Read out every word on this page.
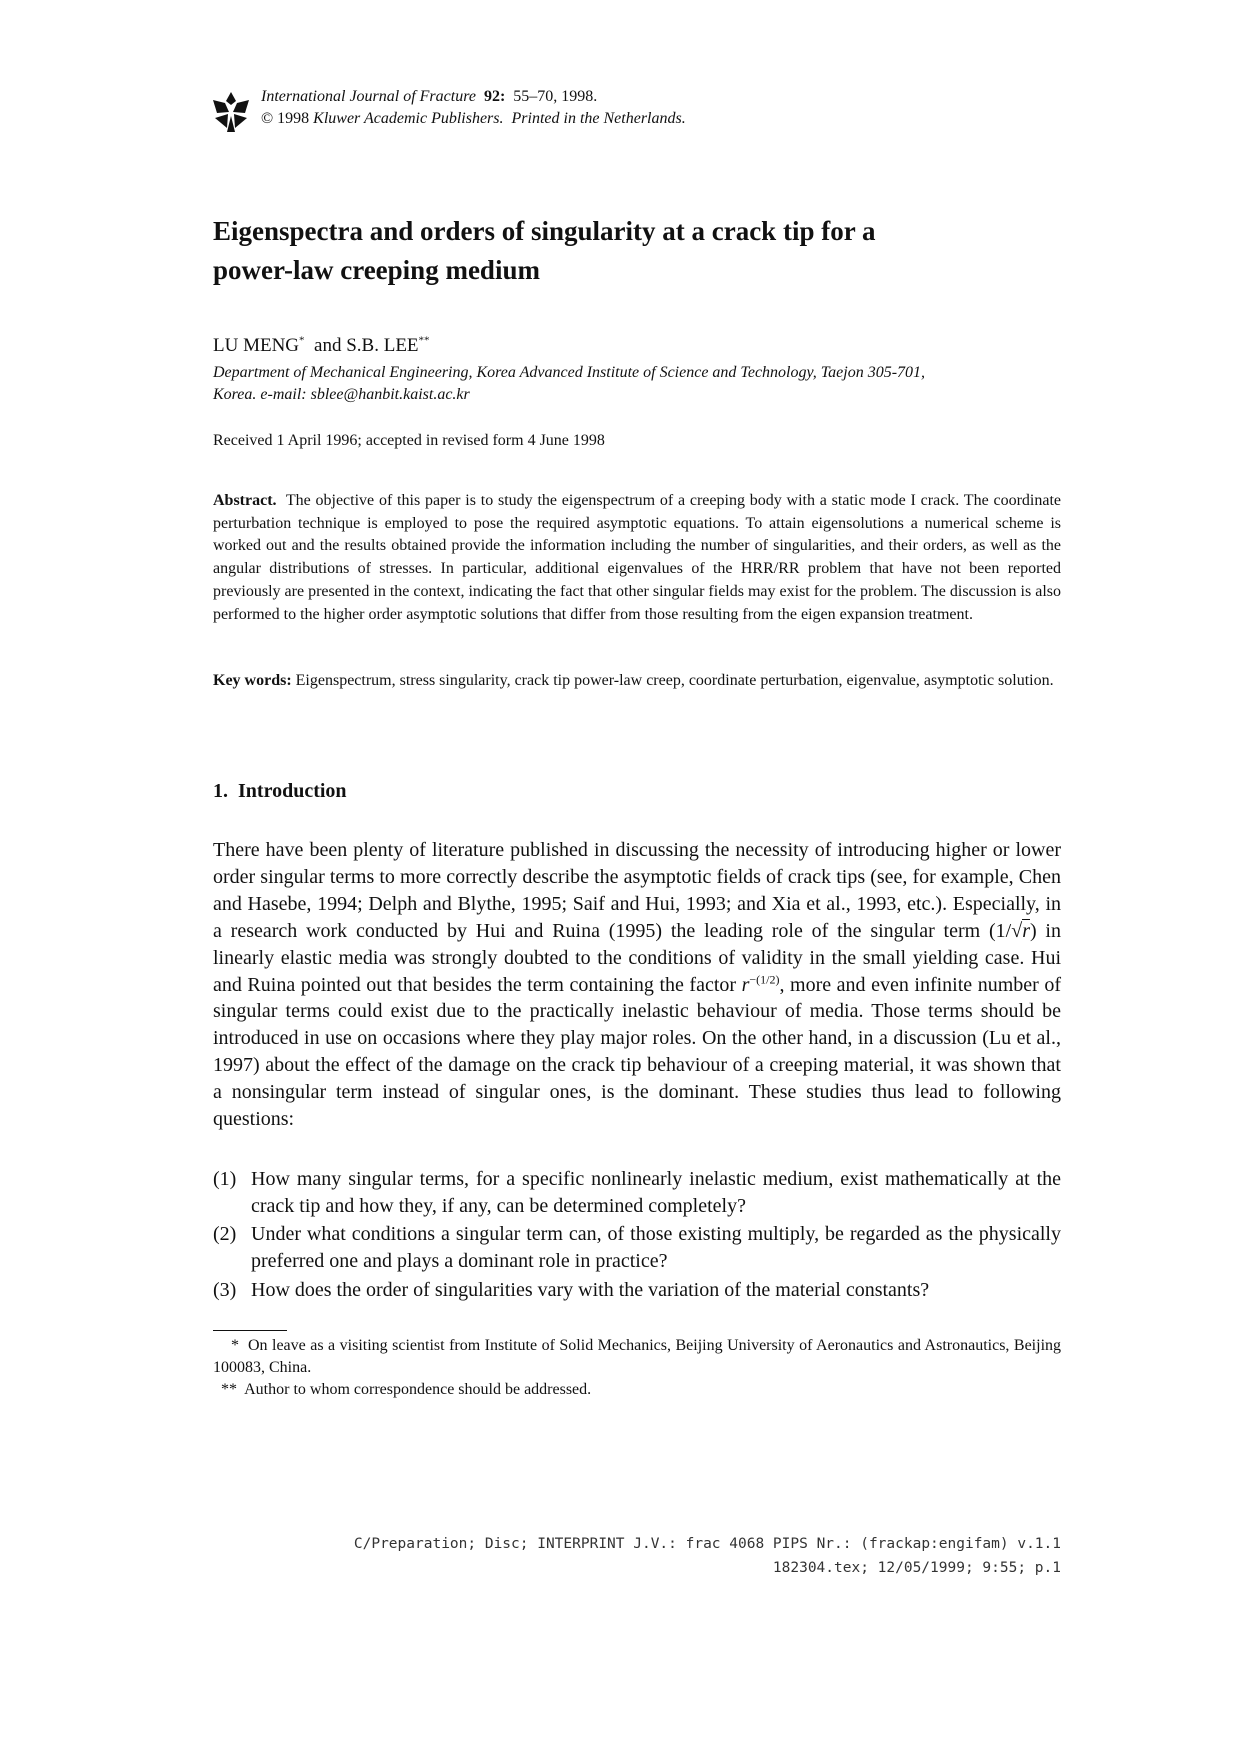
International Journal of Fracture 92: 55–70, 1998.
© 1998 Kluwer Academic Publishers. Printed in the Netherlands.
Eigenspectra and orders of singularity at a crack tip for a
power-law creeping medium
LU MENG* and S.B. LEE**
Department of Mechanical Engineering, Korea Advanced Institute of Science and Technology, Taejon 305-701,
Korea. e-mail: sblee@hanbit.kaist.ac.kr
Received 1 April 1996; accepted in revised form 4 June 1998

Abstract. The objective of this paper is to study the eigenspectrum of a creeping body with a static mode I crack. The coordinate perturbation technique is employed to pose the required asymptotic equations. To attain eigensolutions a numerical scheme is worked out and the results obtained provide the information including the number of singularities, and their orders, as well as the angular distributions of stresses. In particular, additional eigenvalues of the HRR/RR problem that have not been reported previously are presented in the context, indicating the fact that other singular fields may exist for the problem. The discussion is also performed to the higher order asymptotic solutions that differ from those resulting from the eigen expansion treatment.

Key words: Eigenspectrum, stress singularity, crack tip power-law creep, coordinate perturbation, eigenvalue, asymptotic solution.

1. Introduction

There have been plenty of literature published in discussing the necessity of introducing higher or lower order singular terms to more correctly describe the asymptotic fields of crack tips (see, for example, Chen and Hasebe, 1994; Delph and Blythe, 1995; Saif and Hui, 1993; and Xia et al., 1993, etc.). Especially, in a research work conducted by Hui and Ruina (1995) the leading role of the singular term (1/√r) in linearly elastic media was strongly doubted to the conditions of validity in the small yielding case. Hui and Ruina pointed out that besides the term containing the factor $r^{-(1/2)}$, more and even infinite number of singular terms could exist due to the practically inelastic behaviour of media. Those terms should be introduced in use on occasions where they play major roles. On the other hand, in a discussion (Lu et al., 1997) about the effect of the damage on the crack tip behaviour of a creeping material, it was shown that a nonsingular term instead of singular ones, is the dominant. These studies thus lead to following questions:

(1) How many singular terms, for a specific nonlinearly inelastic medium, exist mathematically at the crack tip and how they, if any, can be determined completely?
(2) Under what conditions a singular term can, of those existing multiply, be regarded as the physically preferred one and plays a dominant role in practice?
(3) How does the order of singularities vary with the variation of the material constants?
* On leave as a visiting scientist from Institute of Solid Mechanics, Beijing University of Aeronautics and Astronautics, Beijing 100083, China.
** Author to whom correspondence should be addressed.
C/Preparation; Disc; INTERPRINT J.V.: frac 4068 PIPS Nr.: (frackap:engifam) v.1.1
182304.tex; 12/05/1999; 9:55; p.1
